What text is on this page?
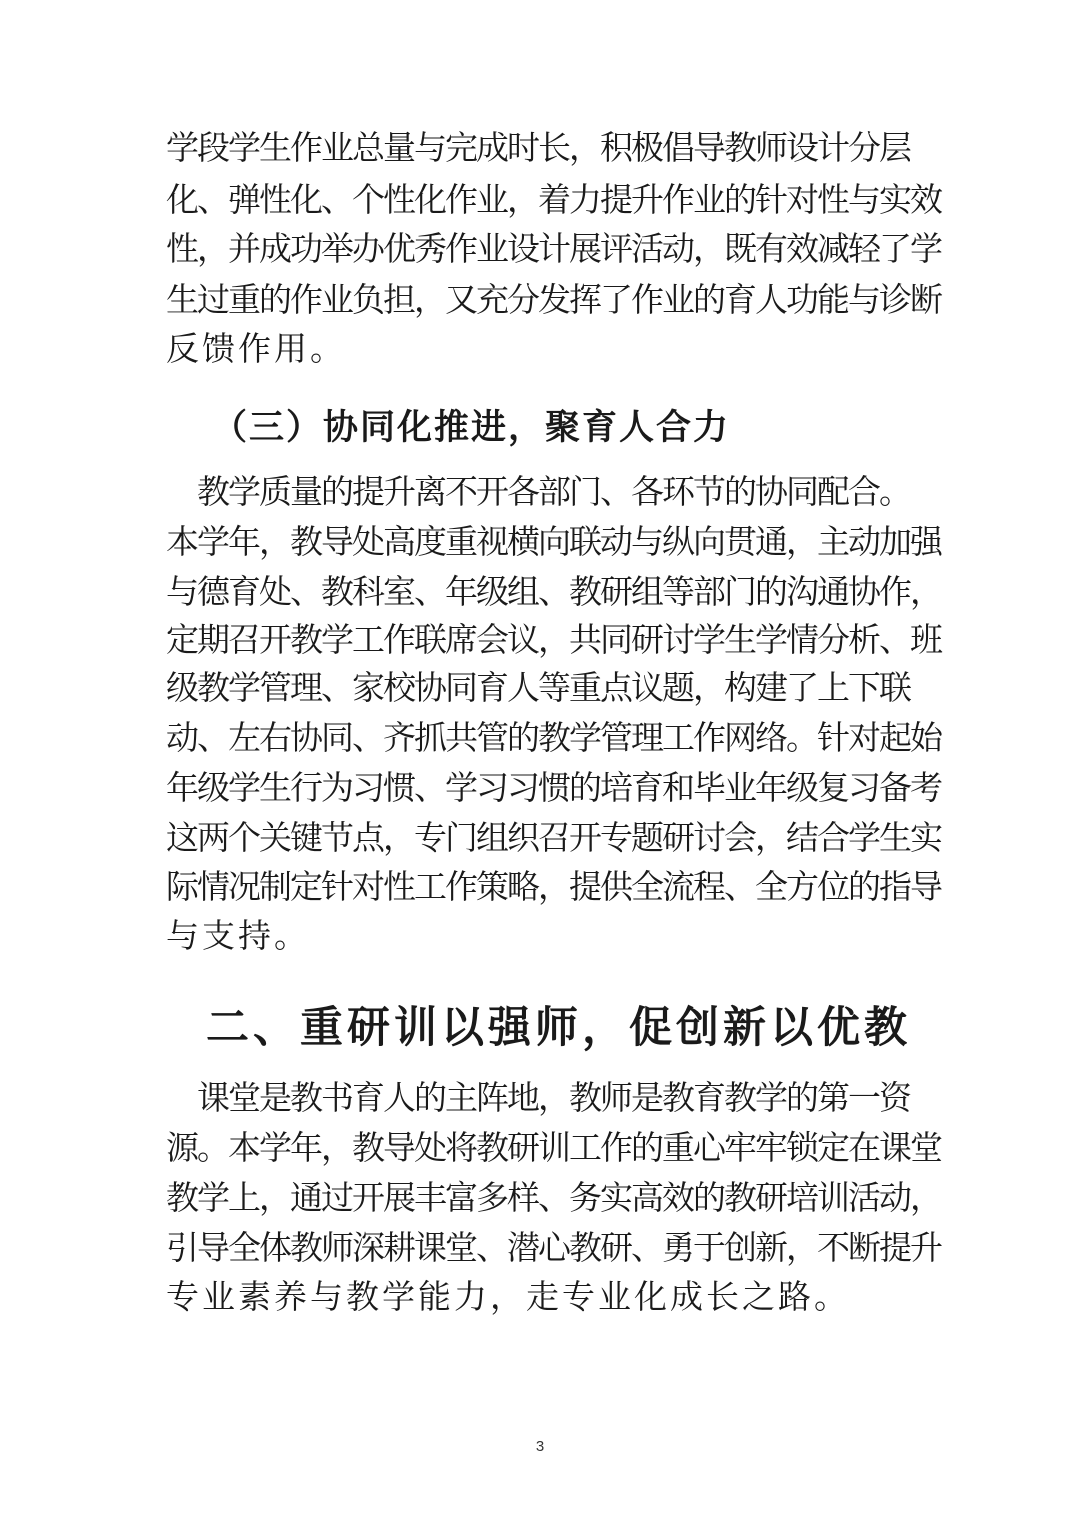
学段学生作业总量与完成时长，积极倡导教师设计分层
化、弹性化、个性化作业，着力提升作业的针对性与实效
性，并成功举办优秀作业设计展评活动，既有效减轻了学
生过重的作业负担，又充分发挥了作业的育人功能与诊断
反馈作用。
（三）协同化推进，聚育人合力
　教学质量的提升离不开各部门、各环节的协同配合。
本学年，教导处高度重视横向联动与纵向贯通，主动加强
与德育处、教科室、年级组、教研组等部门的沟通协作，
定期召开教学工作联席会议，共同研讨学生学情分析、班
级教学管理、家校协同育人等重点议题，构建了上下联
动、左右协同、齐抓共管的教学管理工作网络。针对起始
年级学生行为习惯、学习习惯的培育和毕业年级复习备考
这两个关键节点，专门组织召开专题研讨会，结合学生实
际情况制定针对性工作策略，提供全流程、全方位的指导
与支持。
二、重研训以强师，促创新以优教
　课堂是教书育人的主阵地，教师是教育教学的第一资
源。本学年，教导处将教研训工作的重心牢牢锁定在课堂
教学上，通过开展丰富多样、务实高效的教研培训活动，
引导全体教师深耕课堂、潜心教研、勇于创新，不断提升
专业素养与教学能力，走专业化成长之路。
3
